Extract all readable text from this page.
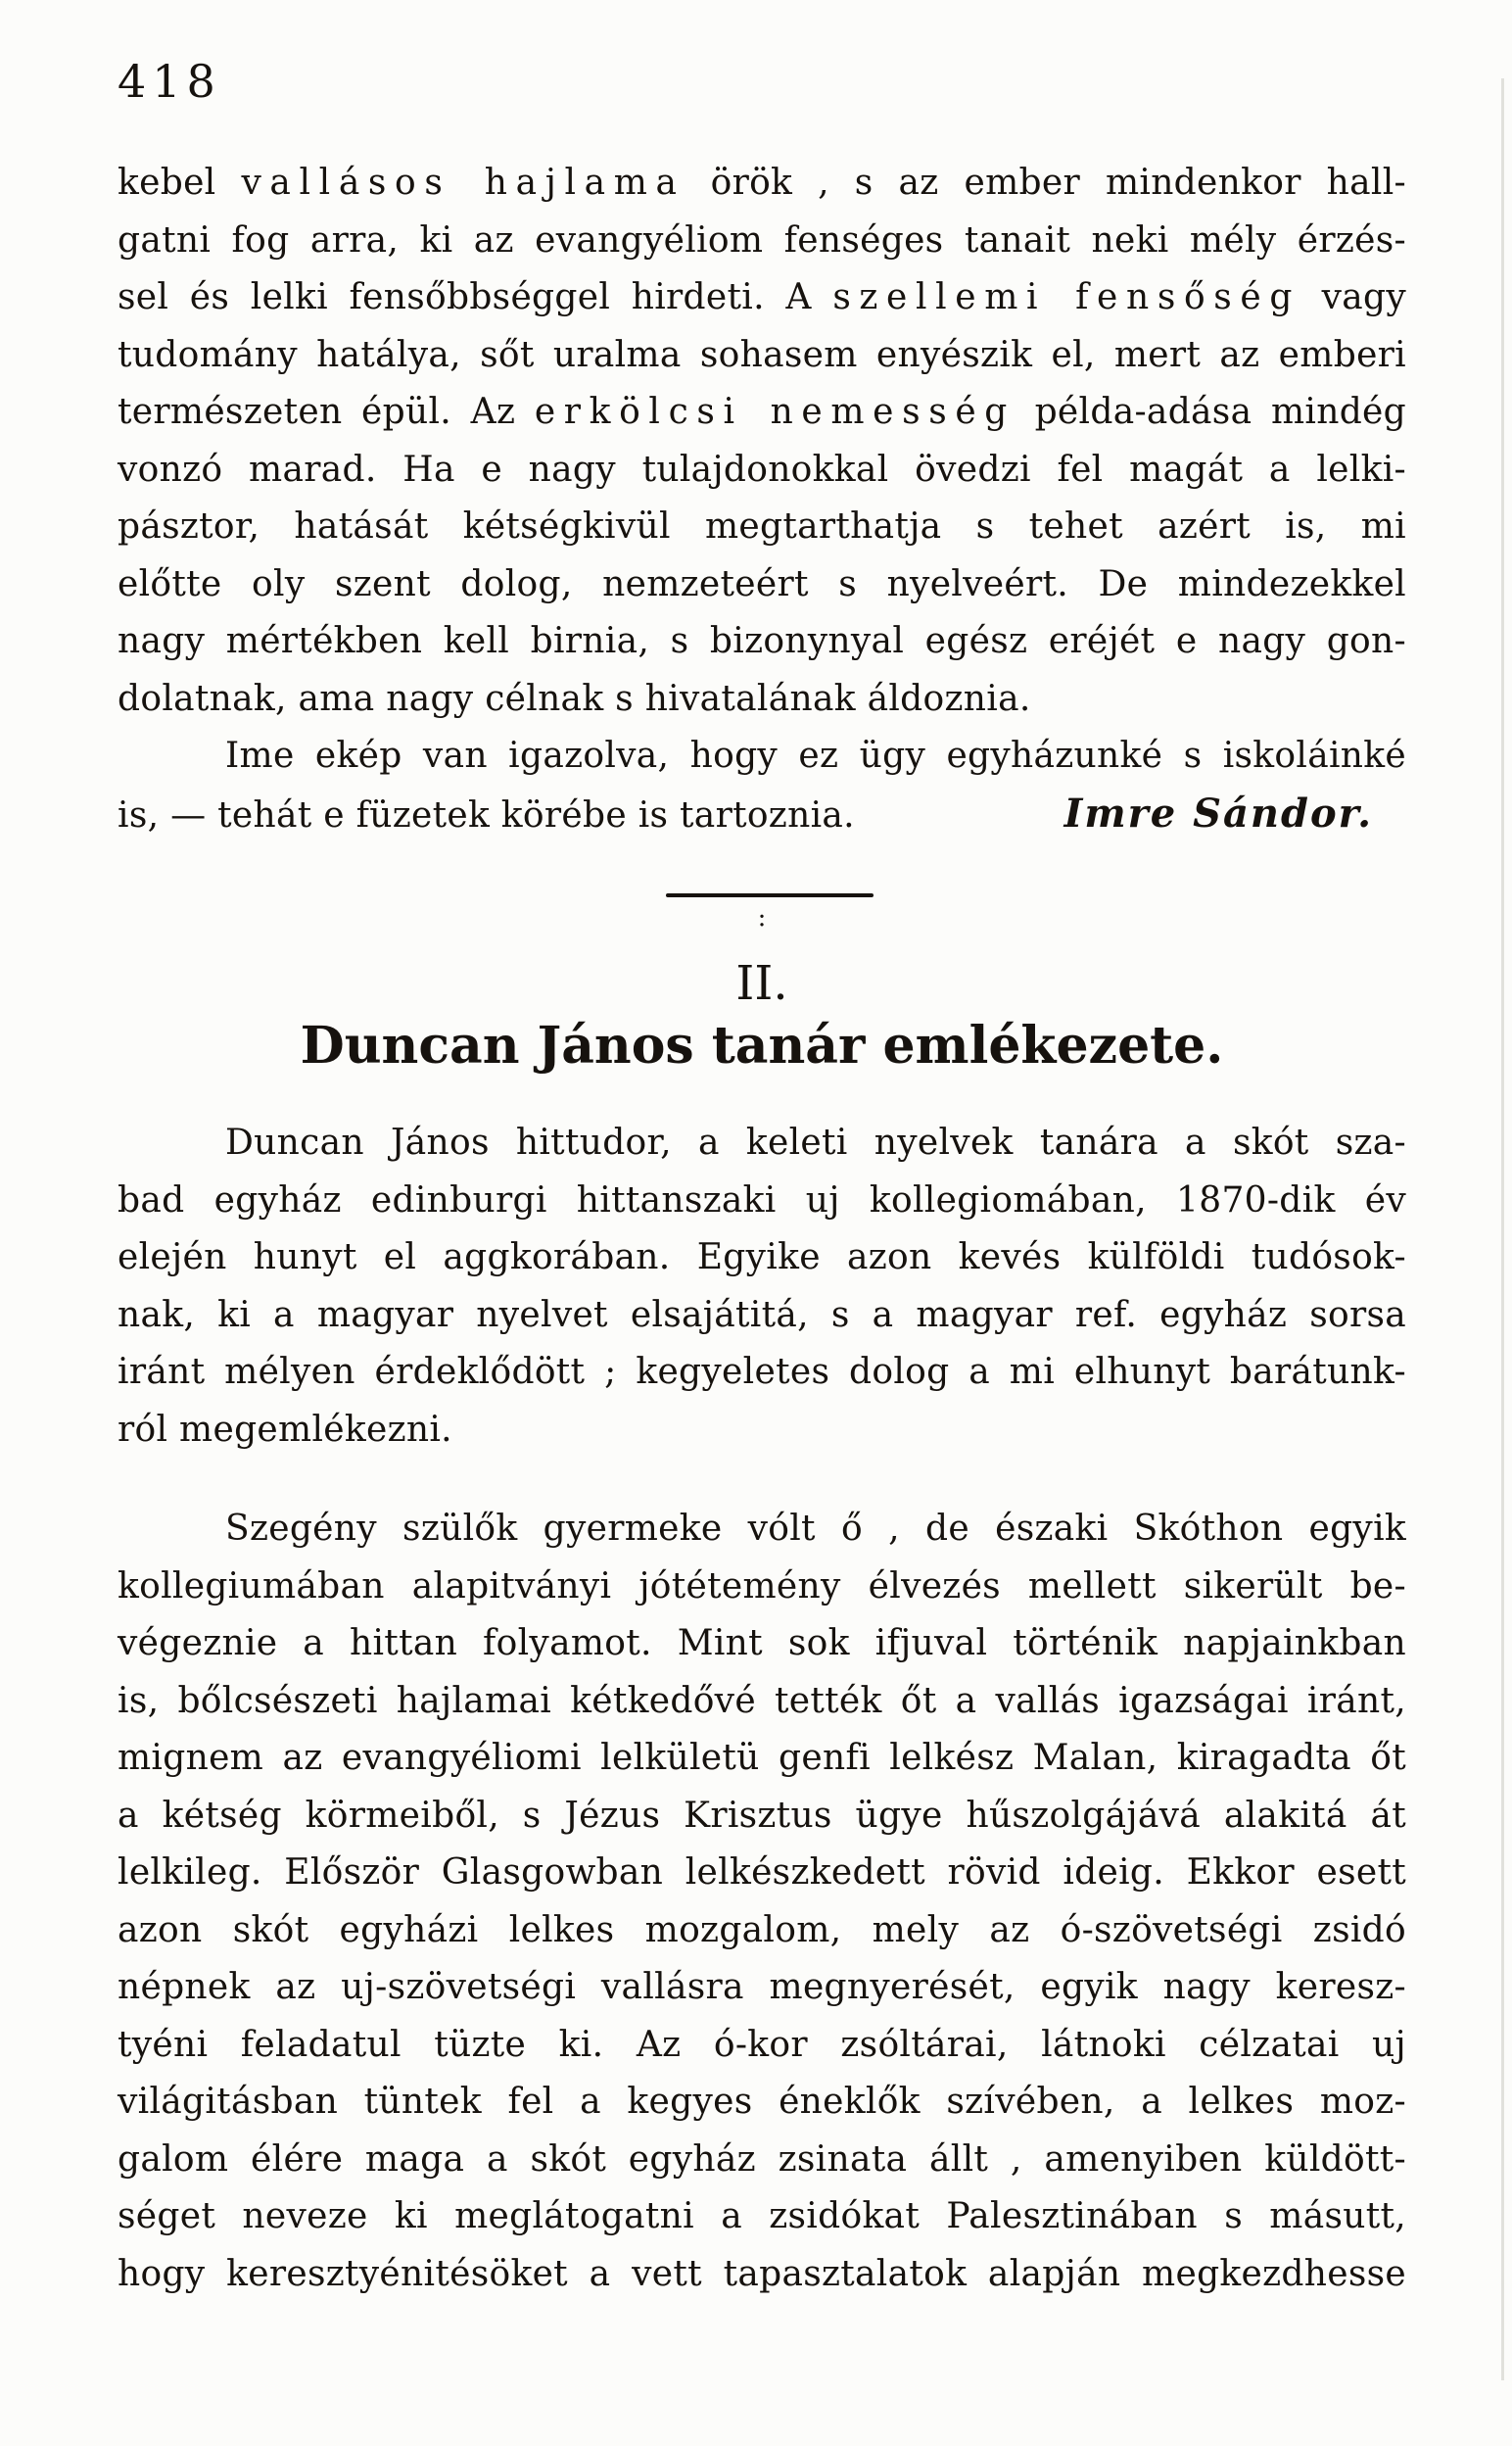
418
kebel vallásos hajlama örök , s az ember mindenkor hall-
gatni fog arra, ki az evangyéliom fenséges tanait neki mély érzés-
sel és lelki fensőbbséggel hirdeti. A szellemi fensőség vagy
tudomány hatálya, sőt uralma sohasem enyészik el, mert az emberi
természeten épül. Az erkölcsi nemesség példa-adása mindég
vonzó marad. Ha e nagy tulajdonokkal övedzi fel magát a lelki-
pásztor, hatását kétségkivül megtarthatja s tehet azért is, mi
előtte oly szent dolog, nemzeteért s nyelveért. De mindezekkel
nagy mértékben kell birnia, s bizonynyal egész eréjét e nagy gon-
dolatnak, ama nagy célnak s hivatalának áldoznia.
Ime ekép van igazolva, hogy ez ügy egyházunké s iskoláinké
is, — tehát e füzetek körébe is tartoznia.	Imre Sándor.
:
II.
Duncan János tanár emlékezete.
Duncan János hittudor, a keleti nyelvek tanára a skót sza-
bad egyház edinburgi hittanszaki uj kollegiomában, 1870-dik év
elején hunyt el aggkorában. Egyike azon kevés külföldi tudósok-
nak, ki a magyar nyelvet elsajátitá, s a magyar ref. egyház sorsa
iránt mélyen érdeklődött ; kegyeletes dolog a mi elhunyt barátunk-
ról megemlékezni.
Szegény szülők gyermeke vólt ő , de északi Skóthon egyik
kollegiumában alapitványi jótétemény élvezés mellett sikerült be-
végeznie a hittan folyamot. Mint sok ifjuval történik napjainkban
is, bőlcsészeti hajlamai kétkedővé tették őt a vallás igazságai iránt,
mignem az evangyéliomi lelkületü genfi lelkész Malan, kiragadta őt
a kétség körmeiből, s Jézus Krisztus ügye hűszolgájává alakitá át
lelkileg. Először Glasgowban lelkészkedett rövid ideig. Ekkor esett
azon skót egyházi lelkes mozgalom, mely az ó-szövetségi zsidó
népnek az uj-szövetségi vallásra megnyerését, egyik nagy keresz-
tyéni feladatul tüzte ki. Az ó-kor zsóltárai, látnoki célzatai uj
világitásban tüntek fel a kegyes éneklők szívében, a lelkes moz-
galom élére maga a skót egyház zsinata állt , amenyiben küldött-
séget neveze ki meglátogatni a zsidókat Palesztinában s másutt,
hogy keresztyénitésöket a vett tapasztalatok alapján megkezdhesse
